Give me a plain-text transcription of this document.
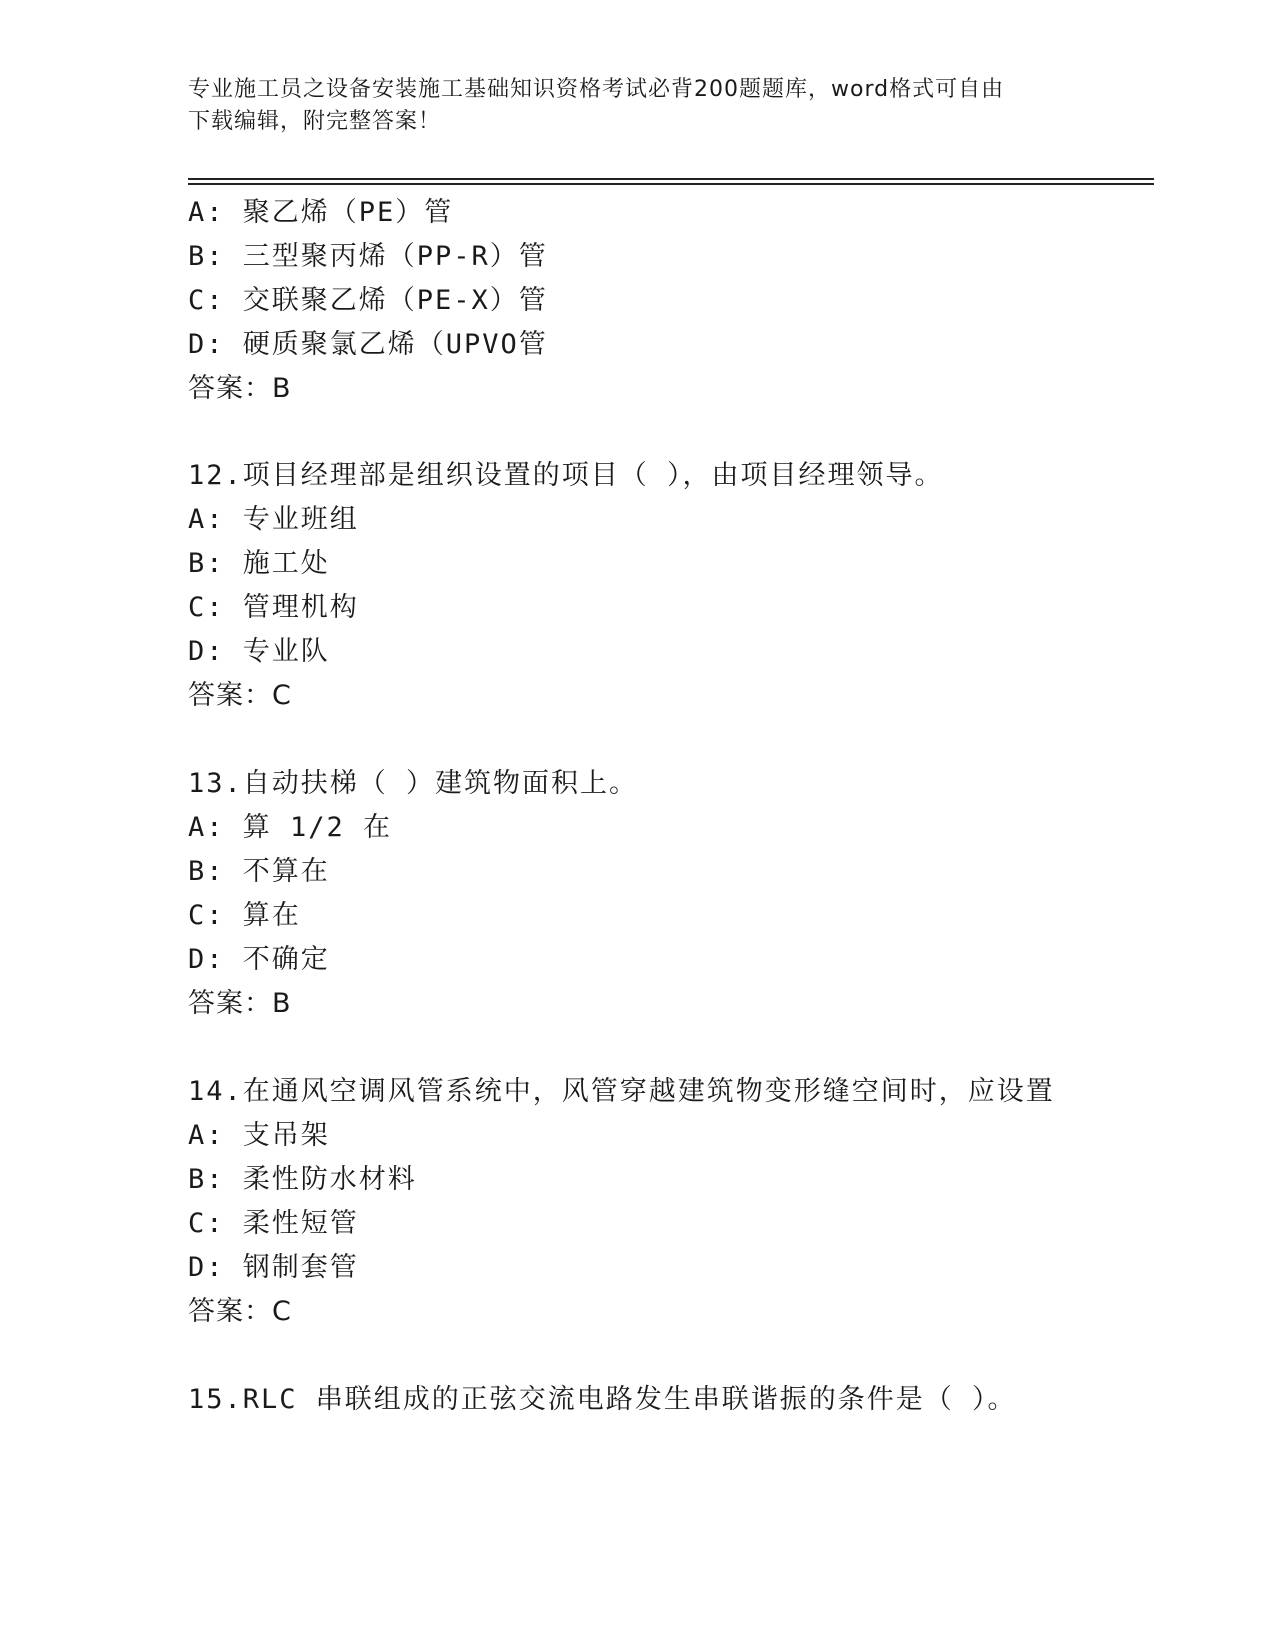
专业施工员之设备安装施工基础知识资格考试必背200题题库，word格式可自由
下载编辑，附完整答案！
A: 聚乙烯（PE）管
B: 三型聚丙烯（PP-R）管
C: 交联聚乙烯（PE-X）管
D: 硬质聚氯乙烯（UPVO管
答案：B
12.项目经理部是组织设置的项目（ ），由项目经理领导。
A: 专业班组
B: 施工处
C: 管理机构
D: 专业队
答案：C
13.自动扶梯（ ）建筑物面积上。
A: 算 1/2 在
B: 不算在
C: 算在
D: 不确定
答案：B
14.在通风空调风管系统中，风管穿越建筑物变形缝空间时，应设置
A: 支吊架
B: 柔性防水材料
C: 柔性短管
D: 钢制套管
答案：C
15.RLC 串联组成的正弦交流电路发生串联谐振的条件是（ ）。
